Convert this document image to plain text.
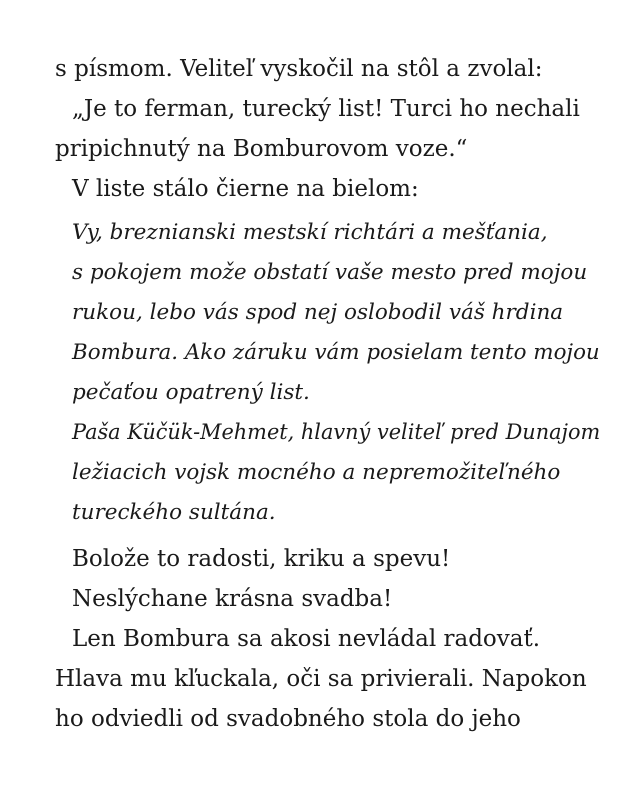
s písmom. Veliteľ vyskočil na stôl a zvolal:
„Je to ferman, turecký list! Turci ho nechali
pripichnutý na Bomburovom voze.“
V liste stálo čierne na bielom:
Vy, breznianski mestskí richtári a mešťania,
s pokojem može obstatí vaše mesto pred mojou
rukou, lebo vás spod nej oslobodil váš hrdina
Bombura. Ako záruku vám posielam tento mojou
pečaťou opatrený list.
Paša Küčük-Mehmet, hlavný veliteľ pred Dunajom
ležiacich vojsk mocného a nepremožiteľného
tureckého sultána.
Bolože to radosti, kriku a spevu!
Neslýchane krásna svadba!
Len Bombura sa akosi nevládal radovať.
Hlava mu kľuckala, oči sa privierali. Napokon
ho odviedli od svadobného stola do jeho
